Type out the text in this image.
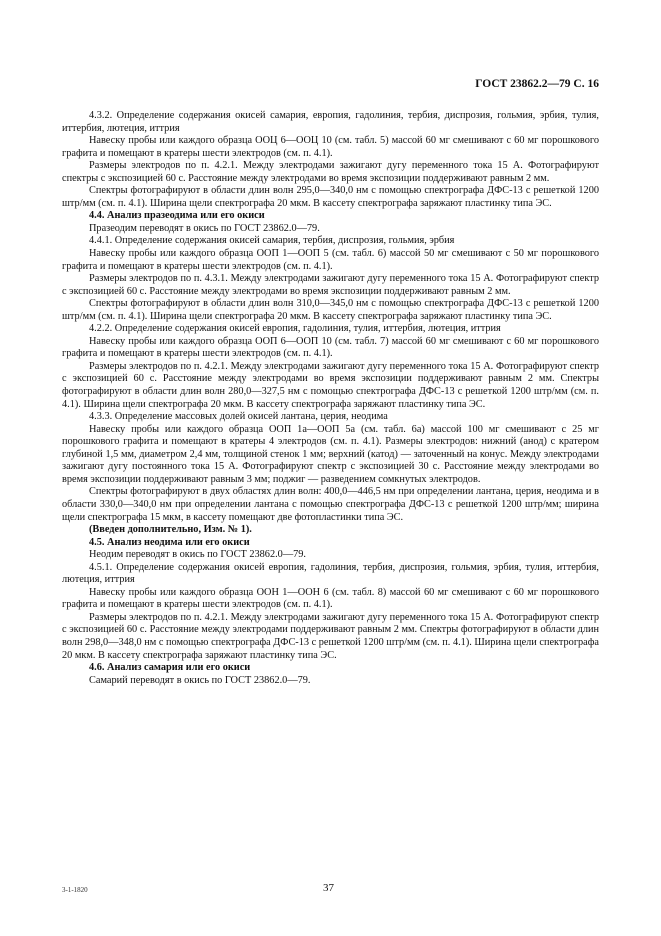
ГОСТ 23862.2—79 С. 16

4.3.2. Определение содержания окисей самария, европия, гадолиния, тербия, диспрозия, гольмия, эрбия, тулия, иттербия, лютеция, иттрия

Навеску пробы или каждого образца ООЦ 6—ООЦ 10 (см. табл. 5) массой 60 мг смешивают с 60 мг порошкового графита и помещают в кратеры шести электродов (см. п. 4.1).

Размеры электродов по п. 4.2.1. Между электродами зажигают дугу переменного тока 15 А. Фотографируют спектры с экспозицией 60 с. Расстояние между электродами во время экспозиции поддерживают равным 2 мм.

Спектры фотографируют в области длин волн 295,0—340,0 нм с помощью спектрографа ДФС-13 с решеткой 1200 штр/мм (см. п. 4.1). Ширина щели спектрографа 20 мкм. В кассету спектрографа заряжают пластинку типа ЭС.

4.4. Анализ празеодима или его окиси

Празеодим переводят в окись по ГОСТ 23862.0—79.

4.4.1. Определение содержания окисей самария, тербия, диспрозия, гольмия, эрбия

Навеску пробы или каждого образца ООП 1—ООП 5 (см. табл. 6) массой 50 мг смешивают с 50 мг порошкового графита и помещают в кратеры шести электродов (см. п. 4.1).

Размеры электродов по п. 4.3.1. Между электродами зажигают дугу переменного тока 15 А. Фотографируют спектр с экспозицией 60 с. Расстояние между электродами во время экспозиции поддерживают равным 2 мм.

Спектры фотографируют в области длин волн 310,0—345,0 нм с помощью спектрографа ДФС-13 с решеткой 1200 штр/мм (см. п. 4.1). Ширина щели спектрографа 20 мкм. В кассету спектрографа заряжают пластинку типа ЭС.

4.2.2. Определение содержания окисей европия, гадолиния, тулия, иттербия, лютеция, иттрия

Навеску пробы или каждого образца ООП 6—ООП 10 (см. табл. 7) массой 60 мг смешивают с 60 мг порошкового графита и помещают в кратеры шести электродов (см. п. 4.1).

Размеры электродов по п. 4.2.1. Между электродами зажигают дугу переменного тока 15 А. Фотографируют спектр с экспозицией 60 с. Расстояние между электродами во время экспозиции поддерживают равным 2 мм. Спектры фотографируют в области длин волн 280,0—327,5 нм с помощью спектрографа ДФС-13 с решеткой 1200 штр/мм (см. п. 4.1). Ширина щели спектрографа 20 мкм. В кассету спектрографа заряжают пластинку типа ЭС.

4.3.3. Определение массовых долей окисей лантана, церия, неодима

Навеску пробы или каждого образца ООП 1а—ООП 5а (см. табл. 6а) массой 100 мг смешивают с 25 мг порошкового графита и помещают в кратеры 4 электродов (см. п. 4.1). Размеры электродов: нижний (анод) с кратером глубиной 1,5 мм, диаметром 2,4 мм, толщиной стенок 1 мм; верхний (катод) — заточенный на конус. Между электродами зажигают дугу постоянного тока 15 А. Фотографируют спектр с экспозицией 30 с. Расстояние между электродами во время экспозиции поддерживают равным 3 мм; поджиг — разведением сомкнутых электродов.

Спектры фотографируют в двух областях длин волн: 400,0—446,5 нм при определении лантана, церия, неодима и в области 330,0—340,0 нм при определении лантана с помощью спектрографа ДФС-13 с решеткой 1200 штр/мм; ширина щели спектрографа 15 мкм, в кассету помещают две фотопластинки типа ЭС.

(Введен дополнительно, Изм. № 1).

4.5. Анализ неодима или его окиси

Неодим переводят в окись по ГОСТ 23862.0—79.

4.5.1. Определение содержания окисей европия, гадолиния, тербия, диспрозия, гольмия, эрбия, тулия, иттербия, лютеция, иттрия

Навеску пробы или каждого образца ООН 1—ООН 6 (см. табл. 8) массой 60 мг смешивают с 60 мг порошкового графита и помещают в кратеры шести электродов (см. п. 4.1).

Размеры электродов по п. 4.2.1. Между электродами зажигают дугу переменного тока 15 А. Фотографируют спектр с экспозицией 60 с. Расстояние между электродами поддерживают равным 2 мм. Спектры фотографируют в области длин волн 298,0—348,0 нм с помощью спектрографа ДФС-13 с решеткой 1200 штр/мм (см. п. 4.1). Ширина щели спектрографа 20 мкм. В кассету спектрографа заряжают пластинку типа ЭС.

4.6. Анализ самария или его окиси

Самарий переводят в окись по ГОСТ 23862.0—79.

3-1-1820	37
